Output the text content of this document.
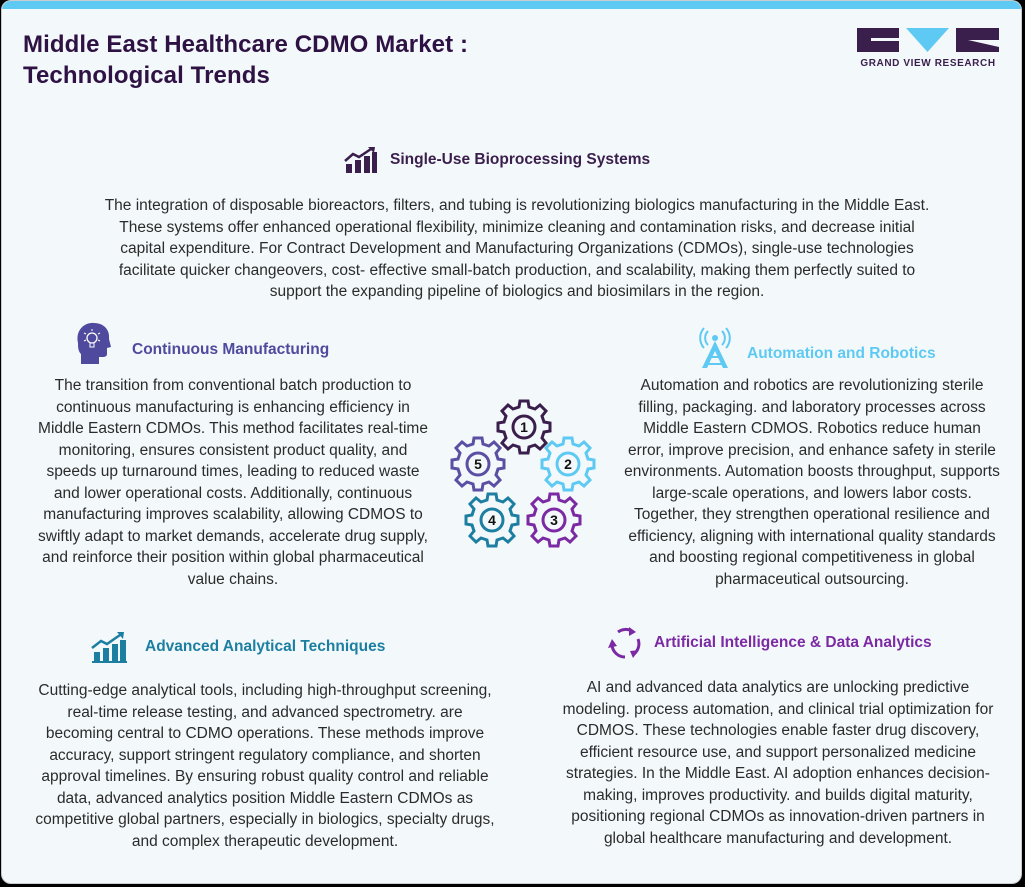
Middle East Healthcare CDMO Market :
Technological Trends	GRAND VIEW RESEARCH
Single-Use Bioprocessing Systems
The integration of disposable bioreactors, filters, and tubing is revolutionizing biologics manufacturing in the Middle East. These systems offer enhanced operational flexibility, minimize cleaning and contamination risks, and decrease initial capital expenditure. For Contract Development and Manufacturing Organizations (CDMOs), single-use technologies facilitate quicker changeovers, cost- effective small-batch production, and scalability, making them perfectly suited to support the expanding pipeline of biologics and biosimilars in the region.
Continuous Manufacturing
The transition from conventional batch production to continuous manufacturing is enhancing efficiency in Middle Eastern CDMOs. This method facilitates real-time monitoring, ensures consistent product quality, and speeds up turnaround times, leading to reduced waste and lower operational costs. Additionally, continuous manufacturing improves scalability, allowing CDMOS to swiftly adapt to market demands, accelerate drug supply, and reinforce their position within global pharmaceutical value chains.
Automation and Robotics
Automation and robotics are revolutionizing sterile filling, packaging. and laboratory processes across Middle Eastern CDMOS. Robotics reduce human error, improve precision, and enhance safety in sterile environments. Automation boosts throughput, supports large-scale operations, and lowers labor costs. Together, they strengthen operational resilience and efficiency, aligning with international quality standards and boosting regional competitiveness in global pharmaceutical outsourcing.
1
2
3
4
5
Advanced Analytical Techniques
Cutting-edge analytical tools, including high-throughput screening, real-time release testing, and advanced spectrometry. are becoming central to CDMO operations. These methods improve accuracy, support stringent regulatory compliance, and shorten approval timelines. By ensuring robust quality control and reliable data, advanced analytics position Middle Eastern CDMOs as competitive global partners, especially in biologics, specialty drugs, and complex therapeutic development.
Artificial Intelligence & Data Analytics
AI and advanced data analytics are unlocking predictive modeling. process automation, and clinical trial optimization for CDMOS. These technologies enable faster drug discovery, efficient resource use, and support personalized medicine strategies. In the Middle East. AI adoption enhances decision-making, improves productivity. and builds digital maturity, positioning regional CDMOs as innovation-driven partners in global healthcare manufacturing and development.
